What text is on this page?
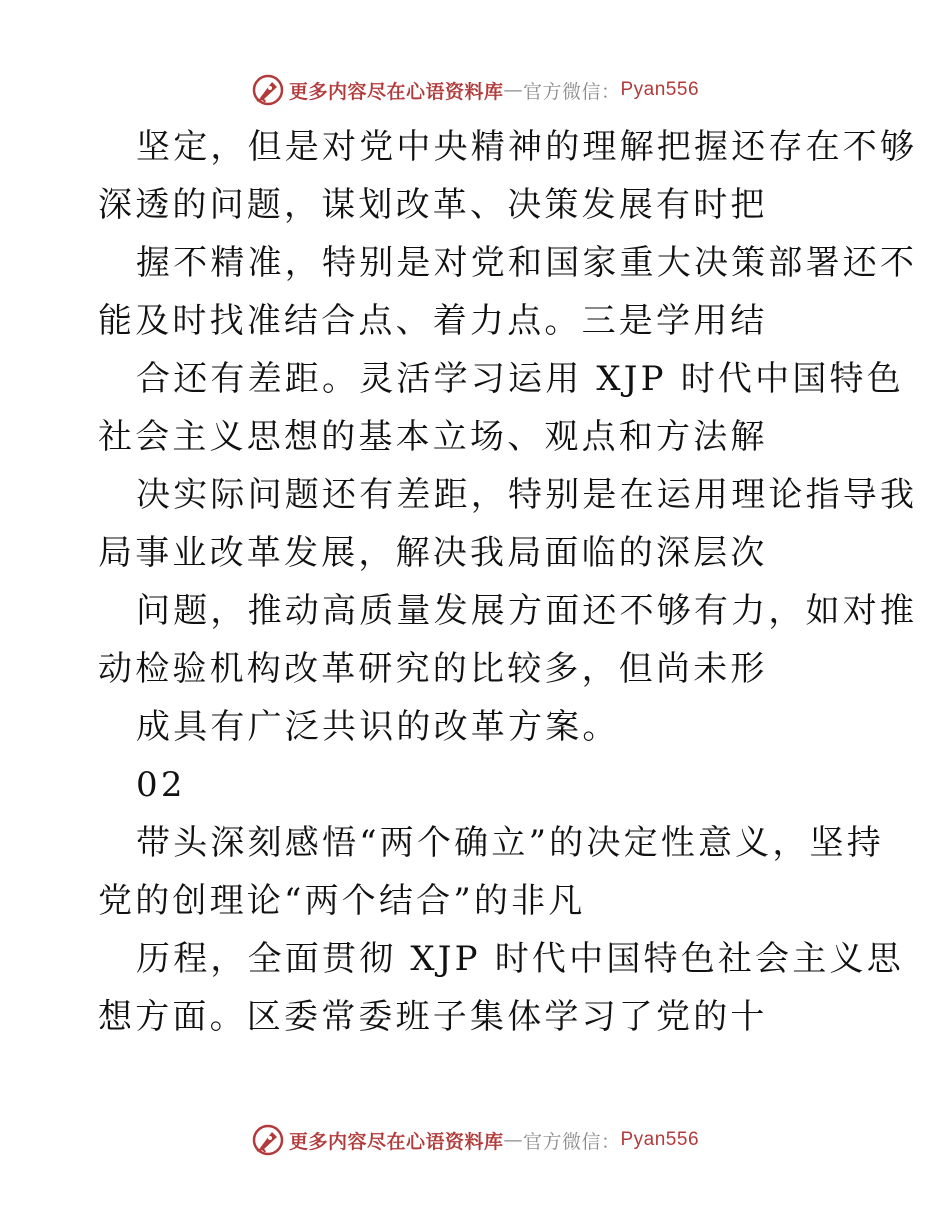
更多内容尽在心语资料库 — 官方微信： Pyan556
坚定，但是对党中央精神的理解把握还存在不够
深透的问题，谋划改革、决策发展有时把
握不精准，特别是对党和国家重大决策部署还不
能及时找准结合点、着力点。三是学用结
合还有差距。灵活学习运用 XJP 时代中国特色
社会主义思想的基本立场、观点和方法解
决实际问题还有差距，特别是在运用理论指导我
局事业改革发展，解决我局面临的深层次
问题，推动高质量发展方面还不够有力，如对推
动检验机构改革研究的比较多，但尚未形
成具有广泛共识的改革方案。
02
带头深刻感悟“两个确立”的决定性意义，坚持
党的创理论“两个结合”的非凡
历程，全面贯彻 XJP 时代中国特色社会主义思
想方面。区委常委班子集体学习了党的十
更多内容尽在心语资料库 — 官方微信： Pyan556
